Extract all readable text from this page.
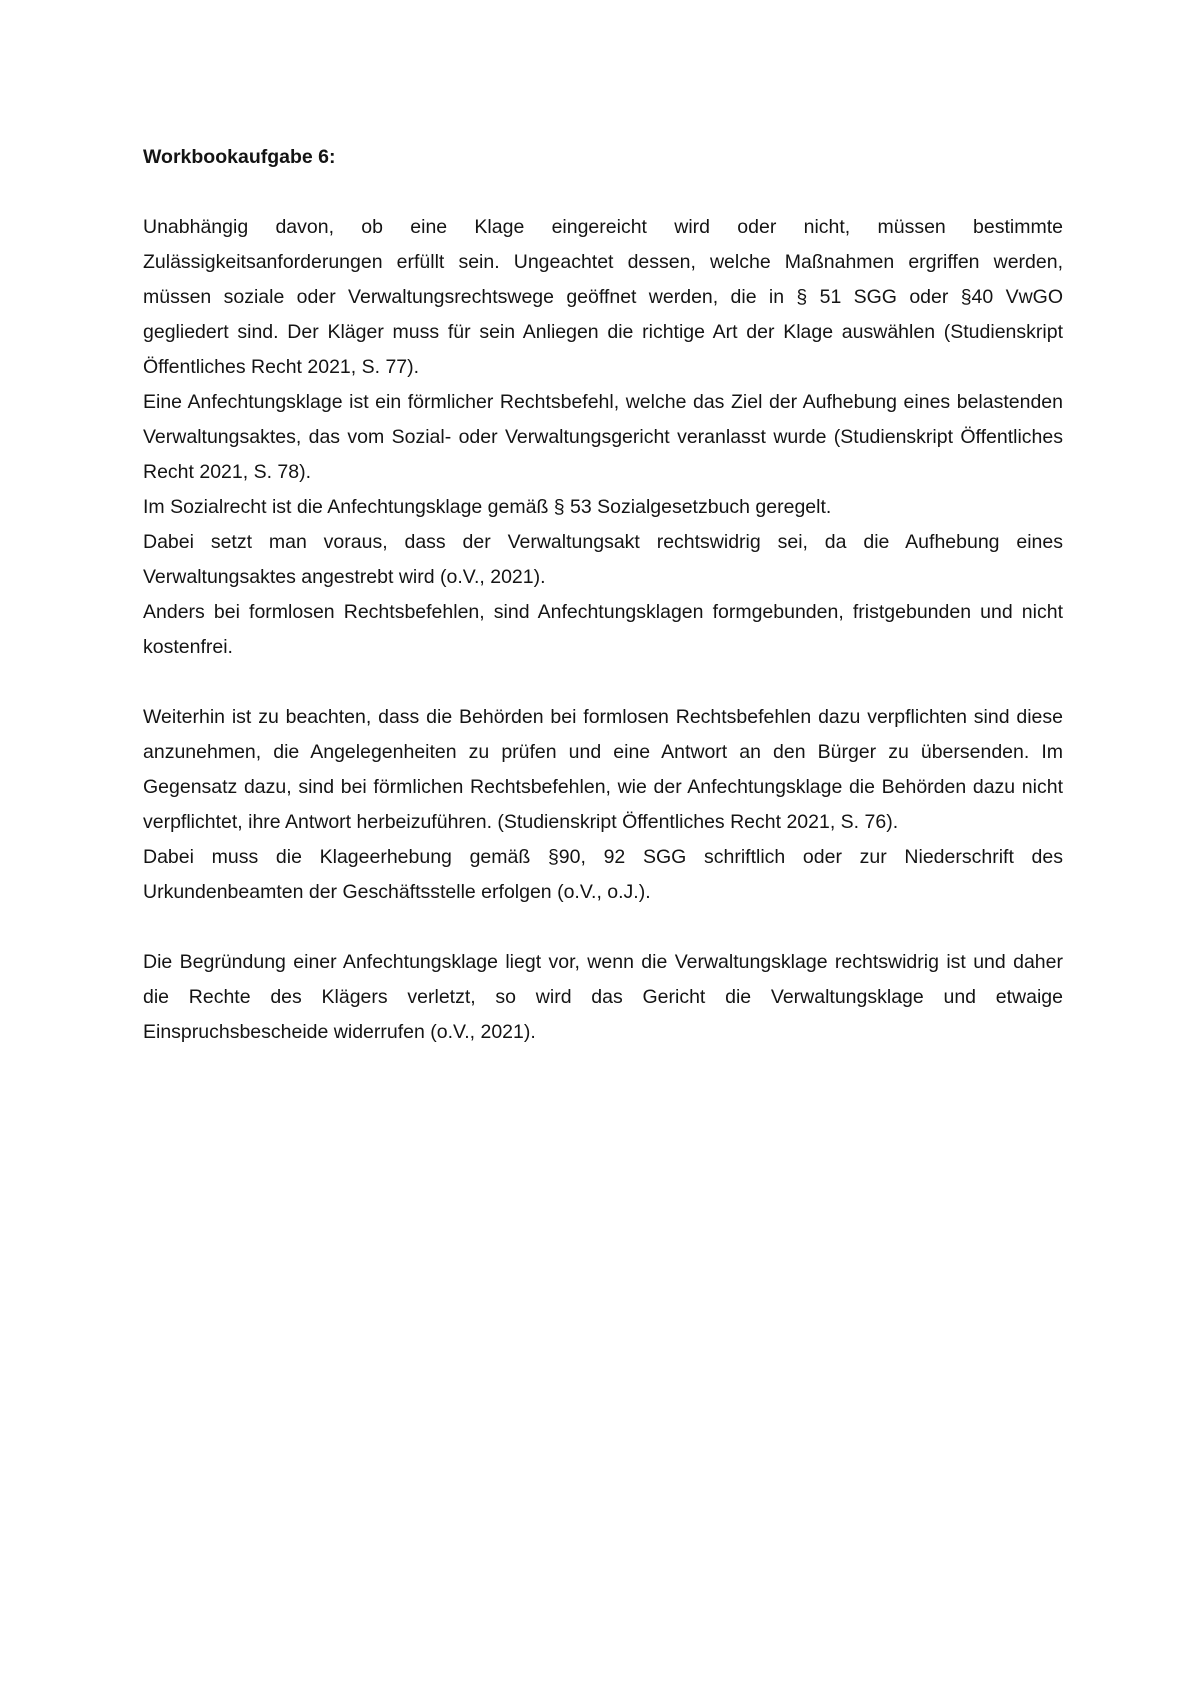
Workbookaufgabe 6:

Unabhängig davon, ob eine Klage eingereicht wird oder nicht, müssen bestimmte Zulässigkeitsanforderungen erfüllt sein. Ungeachtet dessen, welche Maßnahmen ergriffen werden, müssen soziale oder Verwaltungsrechtswege geöffnet werden, die in § 51 SGG oder §40 VwGO gegliedert sind. Der Kläger muss für sein Anliegen die richtige Art der Klage auswählen (Studienskript Öffentliches Recht 2021, S. 77).

Eine Anfechtungsklage ist ein förmlicher Rechtsbefehl, welche das Ziel der Aufhebung eines belastenden Verwaltungsaktes, das vom Sozial- oder Verwaltungsgericht veranlasst wurde (Studienskript Öffentliches Recht 2021, S. 78).

Im Sozialrecht ist die Anfechtungsklage gemäß § 53 Sozialgesetzbuch geregelt.

Dabei setzt man voraus, dass der Verwaltungsakt rechtswidrig sei, da die Aufhebung eines Verwaltungsaktes angestrebt wird (o.V., 2021).

Anders bei formlosen Rechtsbefehlen, sind Anfechtungsklagen formgebunden, fristgebunden und nicht kostenfrei.

Weiterhin ist zu beachten, dass die Behörden bei formlosen Rechtsbefehlen dazu verpflichten sind diese anzunehmen, die Angelegenheiten zu prüfen und eine Antwort an den Bürger zu übersenden. Im Gegensatz dazu, sind bei förmlichen Rechtsbefehlen, wie der Anfechtungsklage die Behörden dazu nicht verpflichtet, ihre Antwort herbeizuführen. (Studienskript Öffentliches Recht 2021, S. 76).

Dabei muss die Klageerhebung gemäß §90, 92 SGG schriftlich oder zur Niederschrift des Urkundenbeamten der Geschäftsstelle erfolgen (o.V., o.J.).

Die Begründung einer Anfechtungsklage liegt vor, wenn die Verwaltungsklage rechtswidrig ist und daher die Rechte des Klägers verletzt, so wird das Gericht die Verwaltungsklage und etwaige Einspruchsbescheide widerrufen (o.V., 2021).
